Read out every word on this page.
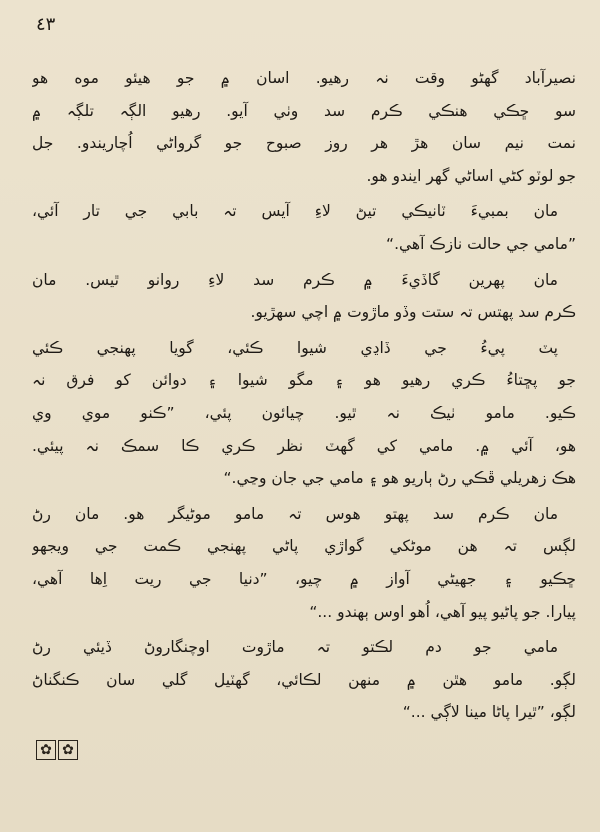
٤٣
نصيرآباد گهڻو وقت نہ رهيو. اسان ۾ جو هيئو موه هو
سو ڇڪي هنڪي ڪرم سد وٺي آيو. رهيو الڳہ تلڳہ ۾
نمت نيم سان هڙ هر روز صبوح جو گرواڻي اُچاريندو. جل
جو لوٽو کڻي اساڻي گهر ايندو هو.
مان بمبيءَ ٽانيڪي تيڻ لاءِ آيس تہ بابي جي تار آئي،
”مامي جي حالت نازڪ آهي.“
مان پهرين گاڏيءَ ۾ ڪرم سد لاءِ روانو ٿيس. مان
ڪرم سد پهتس تہ ستت وڏو ماڙوت ۾ اچي سهڙيو.
پٽ پيءُ جي ڏاڍي شيوا ڪئي، گويا پهنجي ڪئي
جو پڇتاءُ ڪري رهيو هو ۽ مگو شيوا ۽ دوائن کو فرق نہ
ڪيو. مامو ٺيڪ نہ ٿيو. چيائون پئي، ”ڪنو موي وي
هو، آئي ۾. مامي کي گهٽ نظر ڪري ڪا سمڪ نہ پيئي.
هڪ زهريلي ڦڪي رڻ ٻاريو هو ۽ مامي جي جان وڃي.“
مان ڪرم سد پهتو هوس تہ مامو موڻيگر هو. مان رڻ
لڳس تہ هن موڻکي گواڙي پاڻي پهنجي ڪمت جي ويجهو
ڇڪيو ۽ جهيڻي آواز ۾ چيو، ”دنيا جي ريت اِها آهي،
پيارا. جو پاڻيو پيو آهي، اُهو اوس ٻهندو ...“
مامي جو دم لڪتو تہ ماڙوت اوچنگاروڻ ڏيئي رڻ
لڳو. مامو هٿن ۾ منهن لڪائي، گهٽيل گلي سان ڪنگناڻ
لڳو، ”ٿيرا پاڻا مينا لاڳي ...“
✿ ✿
